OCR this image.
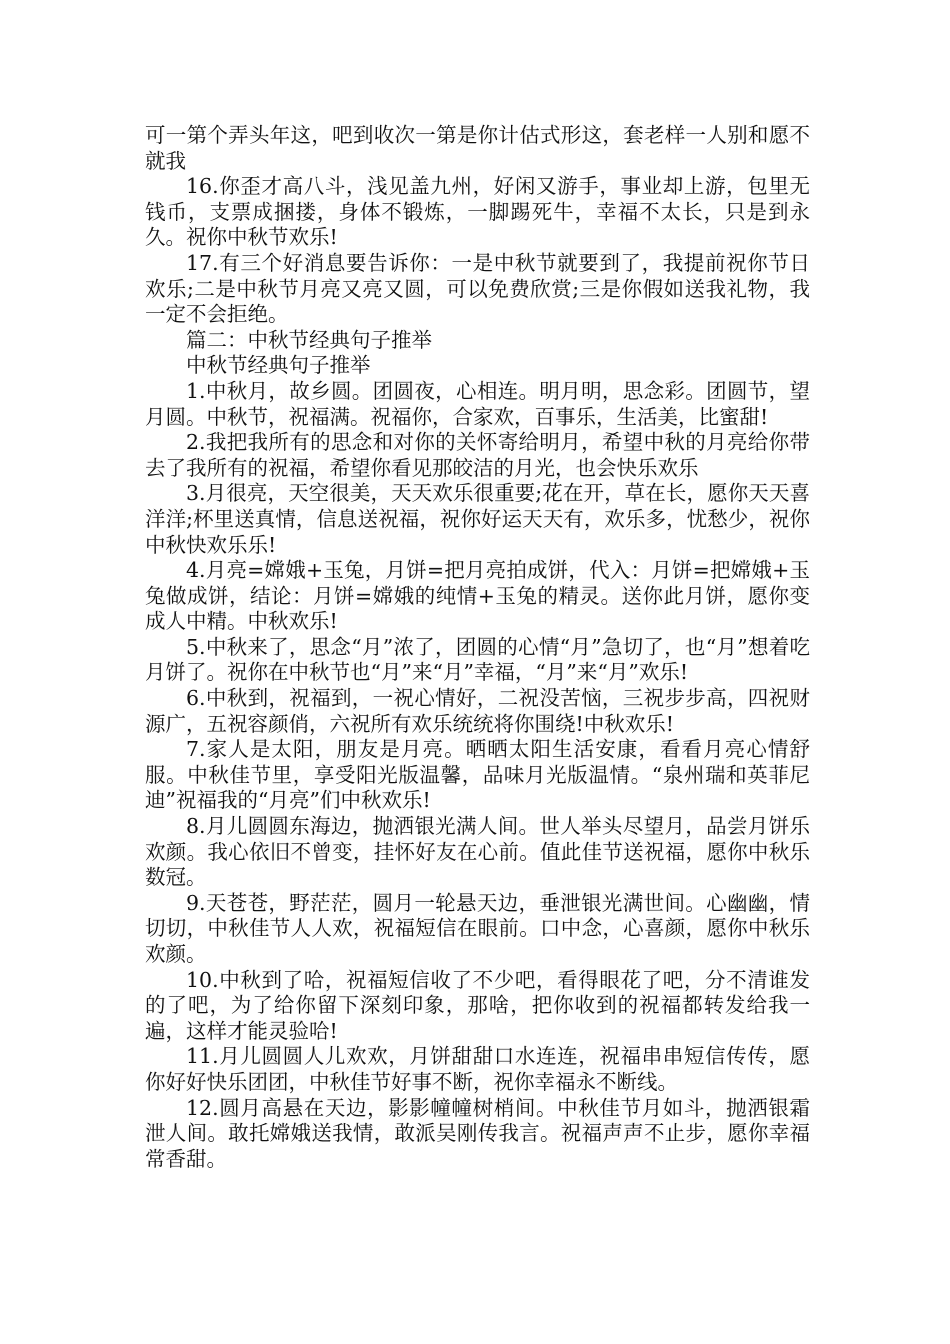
可一第个弄头年这，吧到收次一第是你计估式形这，套老样一人别和愿不就我

16.你歪才高八斗，浅见盖九州，好闲又游手，事业却上游，包里无钱币，支票成捆搂，身体不锻炼，一脚踢死牛，幸福不太长，只是到永久。祝你中秋节欢乐!

17.有三个好消息要告诉你：一是中秋节就要到了，我提前祝你节日欢乐;二是中秋节月亮又亮又圆，可以免费欣赏;三是你假如送我礼物，我一定不会拒绝。

篇二：中秋节经典句子推举

中秋节经典句子推举

1.中秋月，故乡圆。团圆夜，心相连。明月明，思念彩。团圆节，望月圆。中秋节，祝福满。祝福你，合家欢，百事乐，生活美，比蜜甜!

2.我把我所有的思念和对你的关怀寄给明月，希望中秋的月亮给你带去了我所有的祝福，希望你看见那皎洁的月光，也会快乐欢乐

3.月很亮，天空很美，天天欢乐很重要;花在开，草在长，愿你天天喜洋洋;杯里送真情，信息送祝福，祝你好运天天有，欢乐多，忧愁少，祝你中秋快欢乐乐!

4.月亮=嫦娥+玉兔，月饼=把月亮拍成饼，代入：月饼=把嫦娥+玉兔做成饼，结论：月饼=嫦娥的纯情+玉兔的精灵。送你此月饼，愿你变成人中精。中秋欢乐!

5.中秋来了，思念“月”浓了，团圆的心情“月”急切了，也“月”想着吃月饼了。祝你在中秋节也“月”来“月”幸福，“月”来“月”欢乐!

6.中秋到，祝福到，一祝心情好，二祝没苦恼，三祝步步高，四祝财源广，五祝容颜俏，六祝所有欢乐统统将你围绕!中秋欢乐!

7.家人是太阳，朋友是月亮。晒晒太阳生活安康，看看月亮心情舒服。中秋佳节里，享受阳光版温馨，品味月光版温情。“泉州瑞和英菲尼迪”祝福我的“月亮”们中秋欢乐!

8.月儿圆圆东海边，抛洒银光满人间。世人举头尽望月，品尝月饼乐欢颜。我心依旧不曾变，挂怀好友在心前。值此佳节送祝福，愿你中秋乐数冠。

9.天苍苍，野茫茫，圆月一轮悬天边，垂泄银光满世间。心幽幽，情切切，中秋佳节人人欢，祝福短信在眼前。口中念，心喜颜，愿你中秋乐欢颜。

10.中秋到了哈，祝福短信收了不少吧，看得眼花了吧，分不清谁发的了吧，为了给你留下深刻印象，那啥，把你收到的祝福都转发给我一遍，这样才能灵验哈!

11.月儿圆圆人儿欢欢，月饼甜甜口水连连，祝福串串短信传传，愿你好好快乐团团，中秋佳节好事不断，祝你幸福永不断线。

12.圆月高悬在天边，影影幢幢树梢间。中秋佳节月如斗，抛洒银霜泄人间。敢托嫦娥送我情，敢派吴刚传我言。祝福声声不止步，愿你幸福常香甜。
